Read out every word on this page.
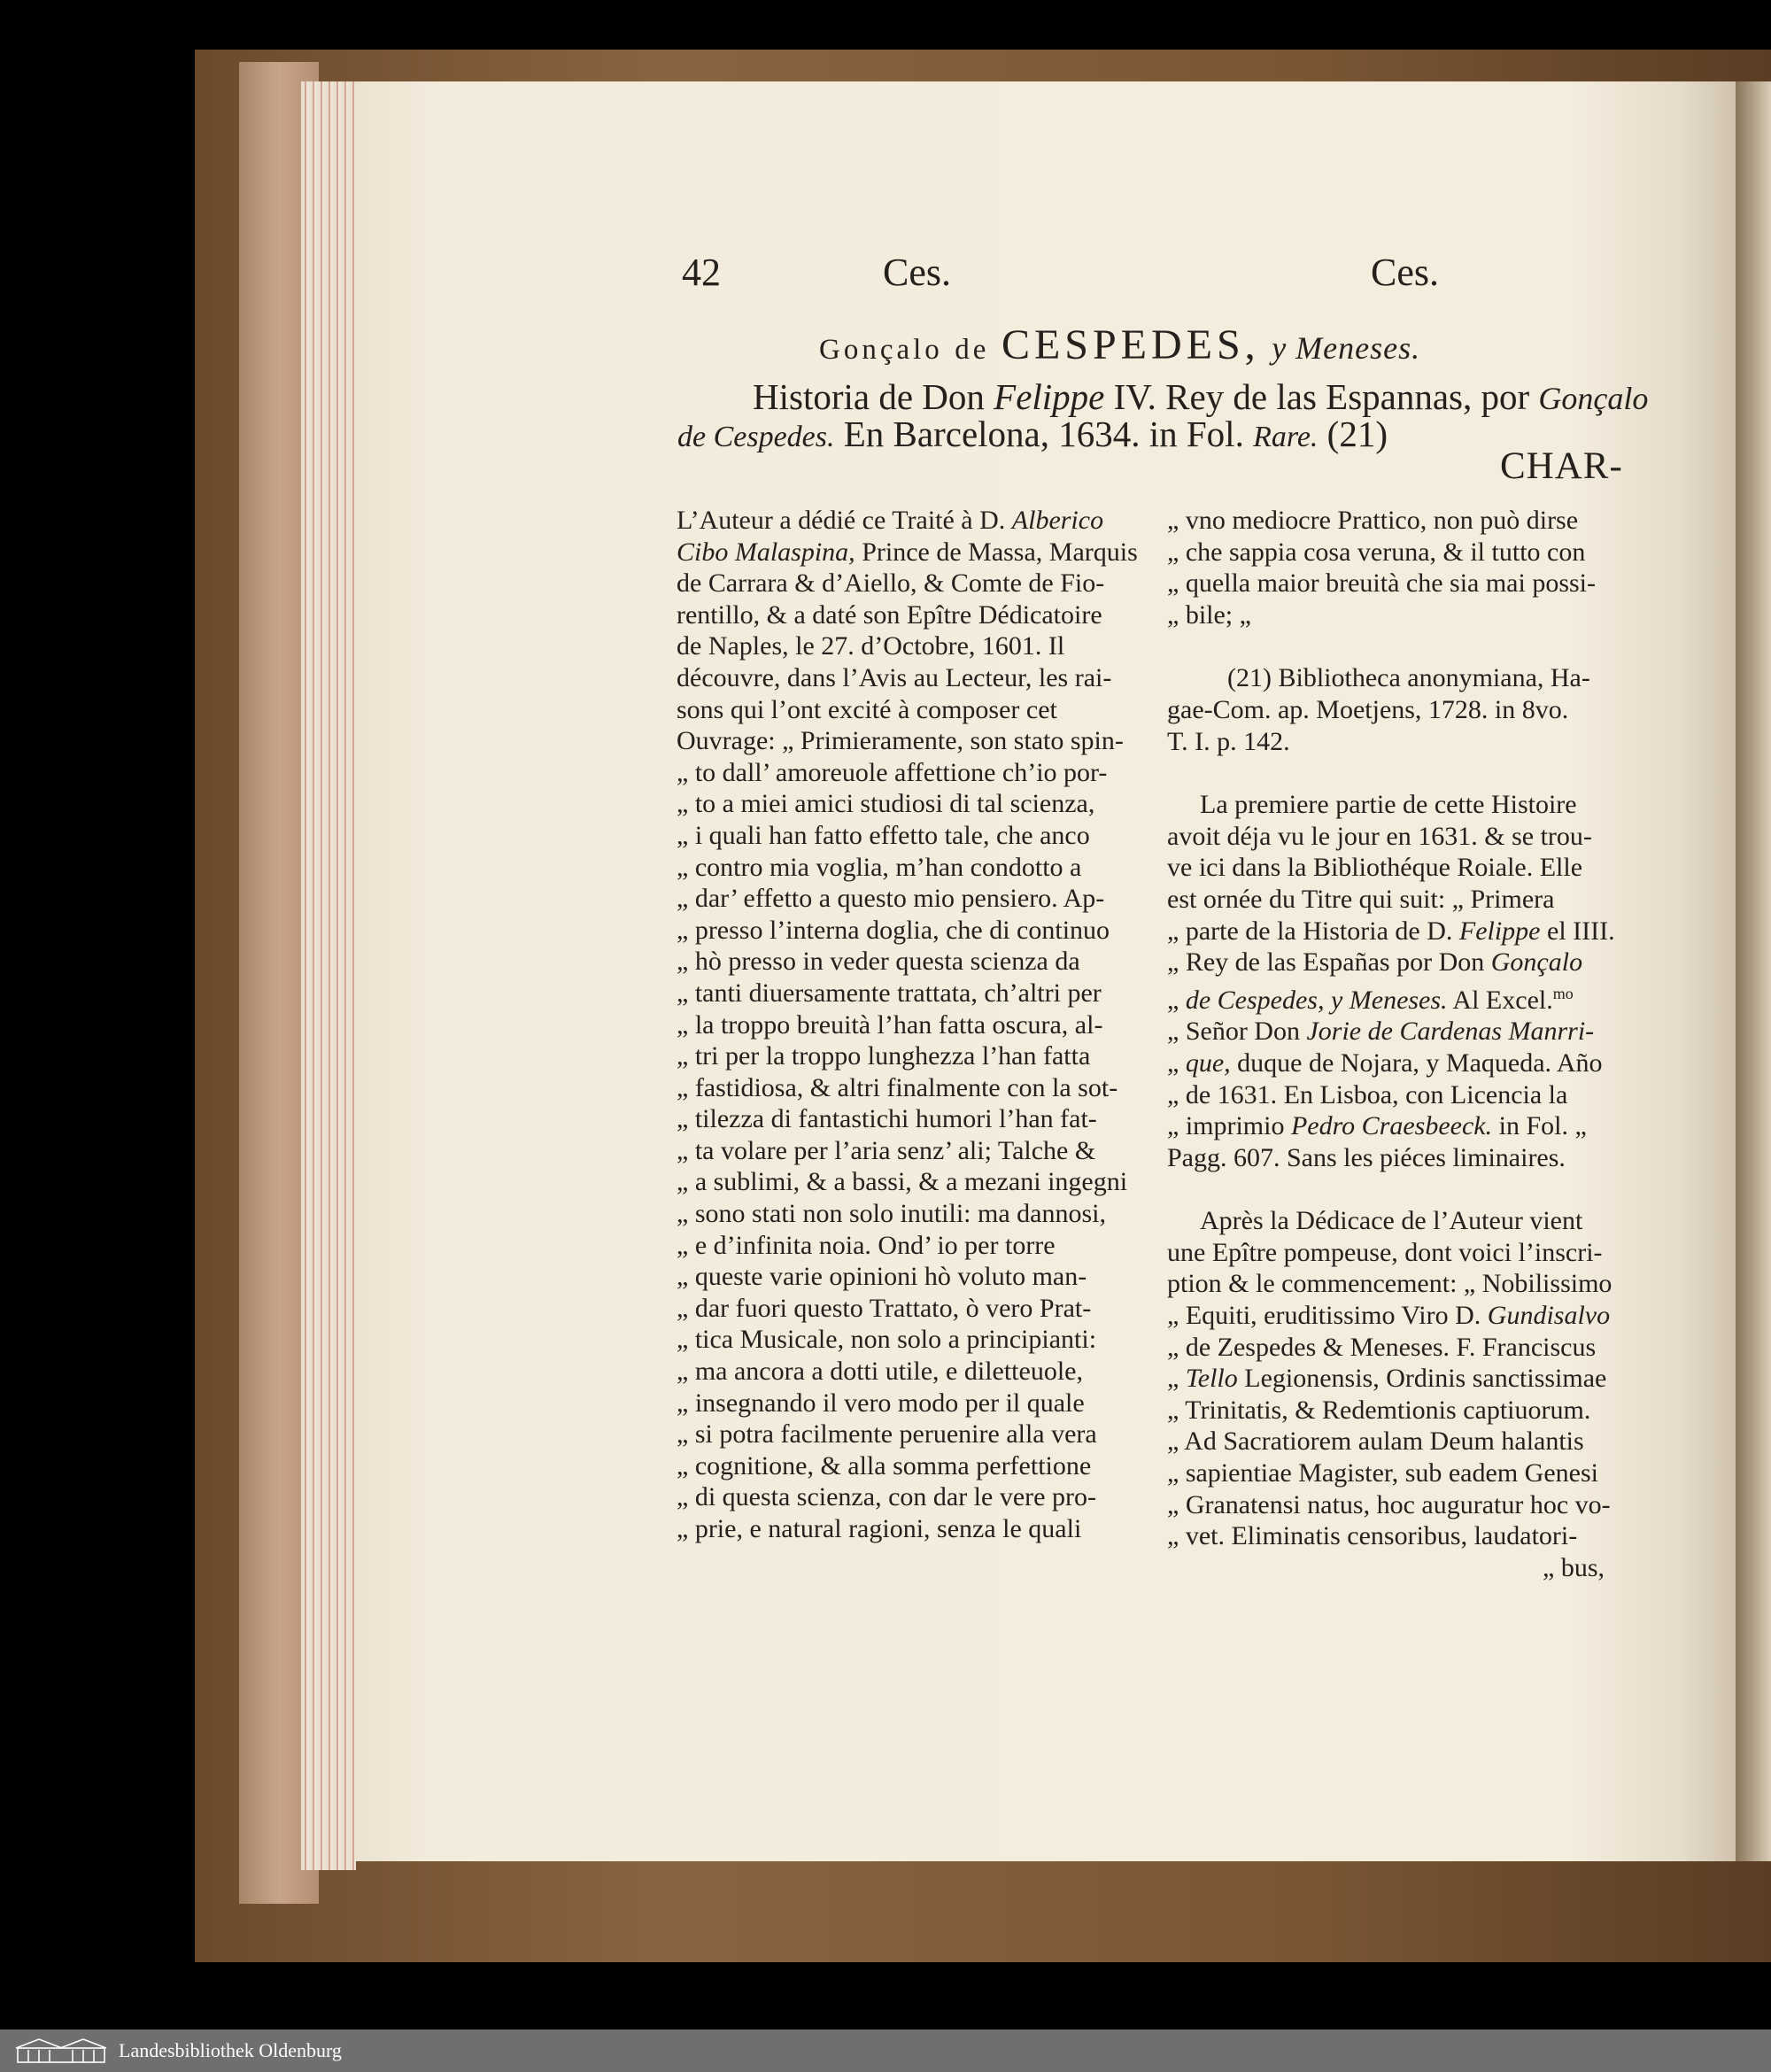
42	Ces.	Ces.

Gonçalo de CESPEDES, y Meneses.

Historia de Don Felippe IV. Rey de las Espannas, por Gonçalo

de Cespedes. En Barcelona, 1634. in Fol. Rare. (21)

CHAR-

L’Auteur a dédié ce Traité à D. Alberico
Cibo Malaspina, Prince de Massa, Marquis
de Carrara & d’Aiello, & Comte de Fio-
rentillo, & a daté son Epître Dédicatoire
de Naples, le 27. d’Octobre, 1601. Il
découvre, dans l’Avis au Lecteur, les rai-
sons qui l’ont excité à composer cet
Ouvrage: „ Primieramente, son stato spin-
„ to dall’ amoreuole affettione ch’io por-
„ to a miei amici studiosi di tal scienza,
„ i quali han fatto effetto tale, che anco
„ contro mia voglia, m’han condotto a
„ dar’ effetto a questo mio pensiero. Ap-
„ presso l’interna doglia, che di continuo
„ hò presso in veder questa scienza da
„ tanti diuersamente trattata, ch’altri per
„ la troppo breuità l’han fatta oscura, al-
„ tri per la troppo lunghezza l’han fatta
„ fastidiosa, & altri finalmente con la sot-
„ tilezza di fantastichi humori l’han fat-
„ ta volare per l’aria senz’ ali; Talche &
„ a sublimi, & a bassi, & a mezani ingegni
„ sono stati non solo inutili: ma dannosi,
„ e d’infinita noia. Ond’ io per torre
„ queste varie opinioni hò voluto man-
„ dar fuori questo Trattato, ò vero Prat-
„ tica Musicale, non solo a principianti:
„ ma ancora a dotti utile, e diletteuole,
„ insegnando il vero modo per il quale
„ si potra facilmente peruenire alla vera
„ cognitione, & alla somma perfettione
„ di questa scienza, con dar le vere pro-
„ prie, e natural ragioni, senza le quali
„ vno mediocre Prattico, non può dirse
„ che sappia cosa veruna, & il tutto con
„ quella maior breuità che sia mai possi-
„ bile; „
(21) Bibliotheca anonymiana, Ha-
gae-Com. ap. Moetjens, 1728. in 8vo.
T. I. p. 142.
La premiere partie de cette Histoire
avoit déja vu le jour en 1631. & se trou-
ve ici dans la Bibliothéque Roiale. Elle
est ornée du Titre qui suit: „ Primera
„ parte de la Historia de D. Felippe el IIII.
„ Rey de las Españas por Don Gonçalo
„ de Cespedes, y Meneses. Al Excel.$^{mo}$
„ Señor Don Jorie de Cardenas Manrri-
„ que, duque de Nojara, y Maqueda. Año
„ de 1631. En Lisboa, con Licencia la
„ imprimio Pedro Craesbeeck. in Fol. „
Pagg. 607. Sans les piéces liminaires.
Après la Dédicace de l’Auteur vient
une Epître pompeuse, dont voici l’inscri-
ption & le commencement: „ Nobilissimo
„ Equiti, eruditissimo Viro D. Gundisalvo
„ de Zespedes & Meneses. F. Franciscus
„ Tello Legionensis, Ordinis sanctissimae
„ Trinitatis, & Redemtionis captiuorum.
„ Ad Sacratiorem aulam Deum halantis
„ sapientiae Magister, sub eadem Genesi
„ Granatensi natus, hoc auguratur hoc vo-
„ vet. Eliminatis censoribus, laudatori-
„ bus,

Landesbibliothek Oldenburg
